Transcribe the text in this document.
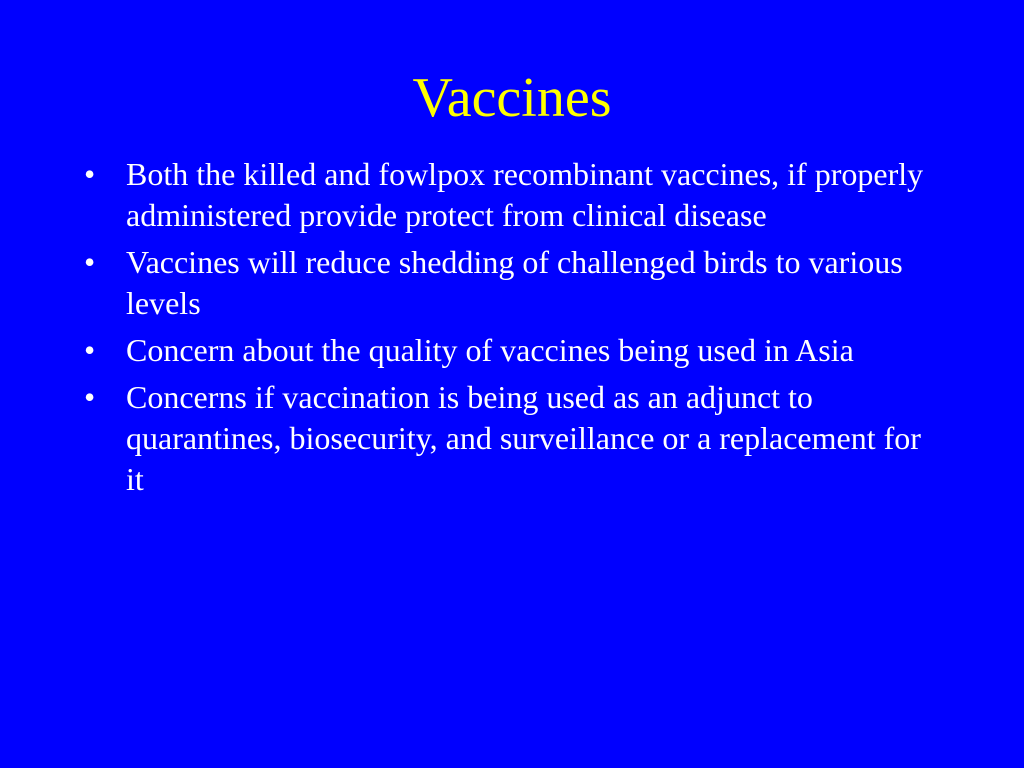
Vaccines
• Both the killed and fowlpox recombinant vaccines, if properly administered provide protect from clinical disease
• Vaccines will reduce shedding of challenged birds to various levels
• Concern about the quality of vaccines being used in Asia
• Concerns if vaccination is being used as an adjunct to quarantines, biosecurity, and surveillance or a replacement for it
